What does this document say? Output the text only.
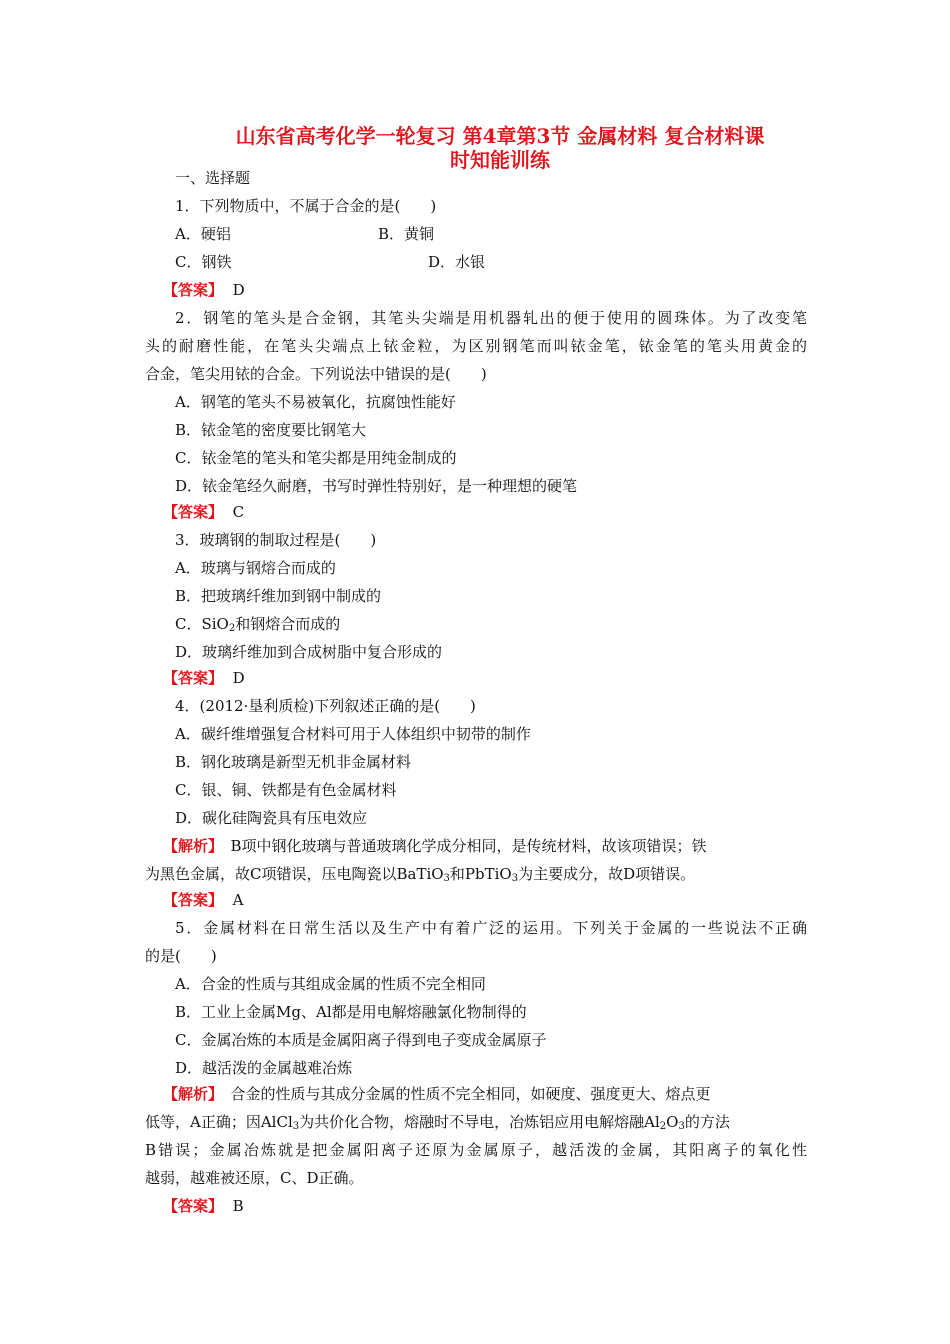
山东省高考化学一轮复习 第4章第3节 金属材料 复合材料课
时知能训练
一、选择题
1．下列物质中，不属于合金的是(　　)
A．硬铝	B．黄铜
C．钢铁	D．水银
【答案】 D
2．钢笔的笔头是合金钢，其笔头尖端是用机器轧出的便于使用的圆珠体。为了改变笔
头的耐磨性能，在笔头尖端点上铱金粒，为区别钢笔而叫铱金笔，铱金笔的笔头用黄金的
合金，笔尖用铱的合金。下列说法中错误的是(　　)
A．钢笔的笔头不易被氧化，抗腐蚀性能好
B．铱金笔的密度要比钢笔大
C．铱金笔的笔头和笔尖都是用纯金制成的
D．铱金笔经久耐磨，书写时弹性特别好，是一种理想的硬笔
【答案】 C
3．玻璃钢的制取过程是(　　)
A．玻璃与钢熔合而成的
B．把玻璃纤维加到钢中制成的
C．SiO$_2$和钢熔合而成的
D．玻璃纤维加到合成树脂中复合形成的
【答案】 D
4．(2012·垦利质检)下列叙述正确的是(　　)
A．碳纤维增强复合材料可用于人体组织中韧带的制作
B．钢化玻璃是新型无机非金属材料
C．银、铜、铁都是有色金属材料
D．碳化硅陶瓷具有压电效应
【解析】　B项中钢化玻璃与普通玻璃化学成分相同，是传统材料，故该项错误；铁
为黑色金属，故C项错误，压电陶瓷以BaTiO$_3$和PbTiO$_3$为主要成分，故D项错误。
【答案】 A
5．金属材料在日常生活以及生产中有着广泛的运用。下列关于金属的一些说法不正确
的是(　　)
A．合金的性质与其组成金属的性质不完全相同
B．工业上金属Mg、Al都是用电解熔融氯化物制得的
C．金属冶炼的本质是金属阳离子得到电子变成金属原子
D．越活泼的金属越难冶炼
【解析】　合金的性质与其成分金属的性质不完全相同，如硬度、强度更大、熔点更
低等，A正确；因AlCl$_3$为共价化合物，熔融时不导电，冶炼铝应用电解熔融$Al_2O_3$的方法
B错误；金属冶炼就是把金属阳离子还原为金属原子，越活泼的金属，其阳离子的氧化性
越弱，越难被还原，C、D正确。
【答案】 B
